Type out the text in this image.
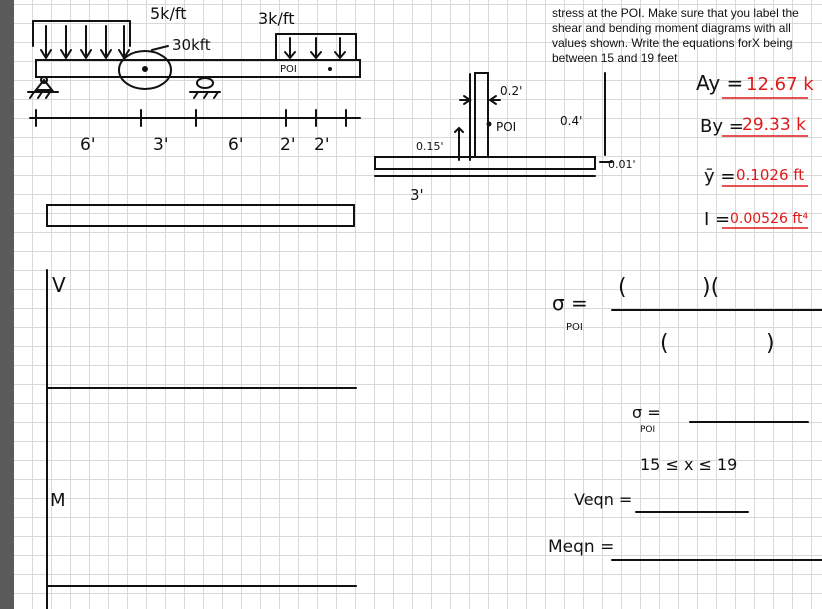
5k/ft
30kft
3k/ft
POI
6'	3'	6' 2' 2'
0.2'
POI	0.4'
0.15'
0.01'
3'
V
M
Ay = 12.67 k
By =
29.33 k
ȳ = 0.1026 ft
I = 0.00526 ft⁴
σ =
POI
(	)(
(	)
σ =
POI
15 ≤ x ≤ 19
Veqn =
Meqn =

stress at the POI. Make sure that you label the shear and bending moment diagrams with all values shown. Write the equations forX being between 15 and 19 feet
